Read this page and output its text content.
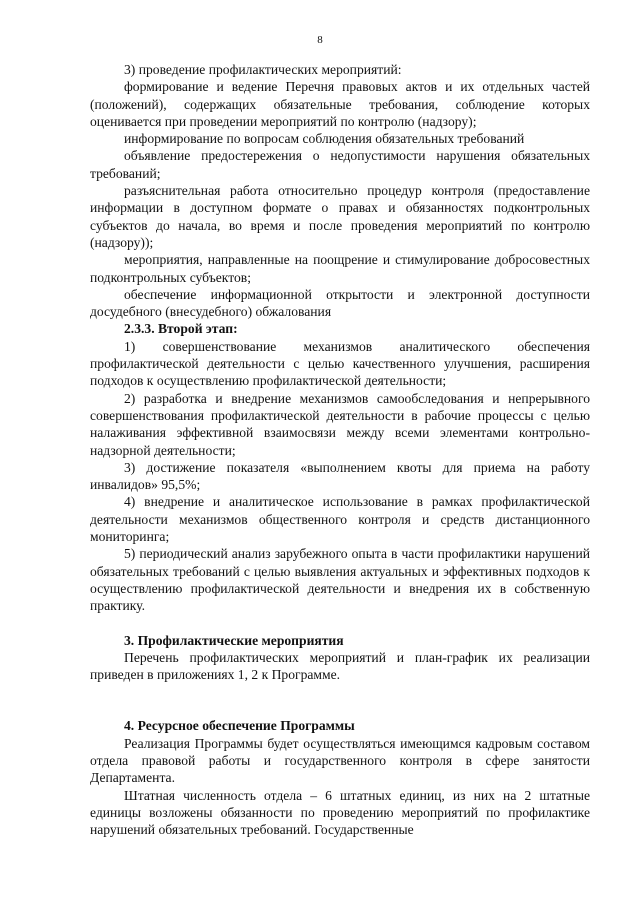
8

3) проведение профилактических мероприятий:

формирование и ведение Перечня правовых актов и их отдельных частей (положений), содержащих обязательные требования, соблюдение которых оценивается при проведении мероприятий по контролю (надзору);

информирование по вопросам соблюдения обязательных требований

объявление предостережения о недопустимости нарушения обязательных требований;

разъяснительная работа относительно процедур контроля (предоставление информации в доступном формате о правах и обязанностях подконтрольных субъектов до начала, во время и после проведения мероприятий по контролю (надзору));

мероприятия, направленные на поощрение и стимулирование добросовестных подконтрольных субъектов;

обеспечение информационной открытости и электронной доступности досудебного (внесудебного) обжалования

2.3.3. Второй этап:

1) совершенствование механизмов аналитического обеспечения профилактической деятельности с целью качественного улучшения, расширения подходов к осуществлению профилактической деятельности;

2) разработка и внедрение механизмов самообследования и непрерывного совершенствования профилактической деятельности в рабочие процессы с целью налаживания эффективной взаимосвязи между всеми элементами контрольно-надзорной деятельности;

3) достижение показателя «выполнением квоты для приема на работу инвалидов» 95,5%;

4) внедрение и аналитическое использование в рамках профилактической деятельности механизмов общественного контроля и средств дистанционного мониторинга;

5) периодический анализ зарубежного опыта в части профилактики нарушений обязательных требований с целью выявления актуальных и эффективных подходов к осуществлению профилактической деятельности и внедрения их в собственную практику.

3. Профилактические мероприятия

Перечень профилактических мероприятий и план-график их реализации приведен в приложениях 1, 2 к Программе.

4. Ресурсное обеспечение Программы

Реализация Программы будет осуществляться имеющимся кадровым составом отдела правовой работы и государственного контроля в сфере занятости Департамента.

Штатная численность отдела – 6 штатных единиц, из них на 2 штатные единицы возложены обязанности по проведению мероприятий по профилактике нарушений обязательных требований. Государственные
